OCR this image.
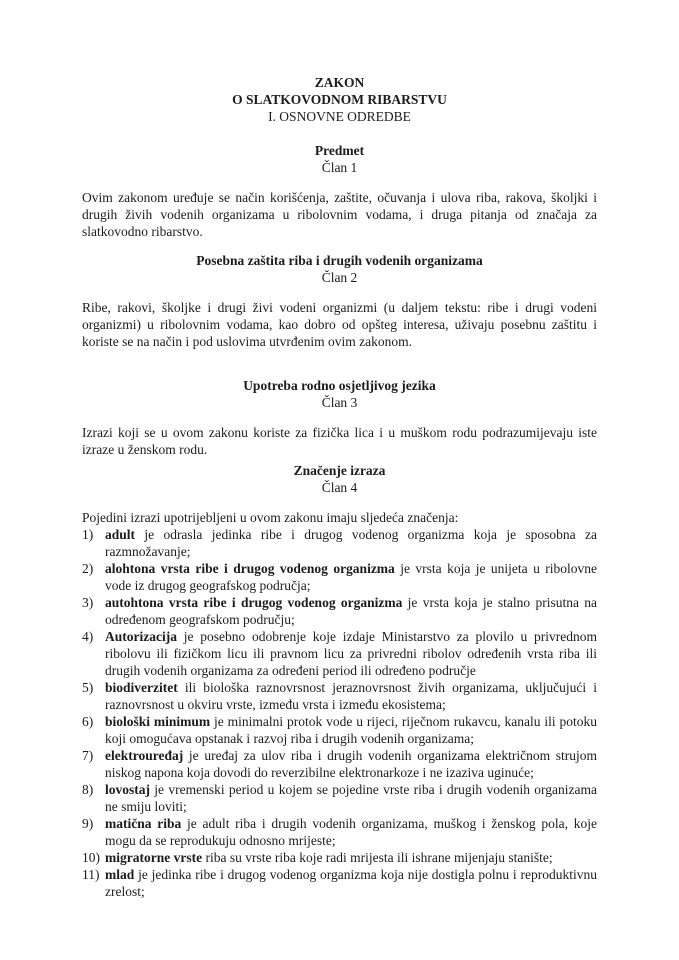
ZAKON
O SLATKOVODNOM RIBARSTVU
I. OSNOVNE ODREDBE
Predmet
Član 1

Ovim zakonom uređuje se način korišćenja, zaštite, očuvanja i ulova riba, rakova, školjki i drugih živih vodenih organizama u ribolovnim vodama, i druga pitanja od značaja za slatkovodno ribarstvo.

Posebna zaštita riba i drugih vodenih organizama
Član 2

Ribe, rakovi, školjke i drugi živi vodeni organizmi (u daljem tekstu: ribe i drugi vodeni organizmi) u ribolovnim vodama, kao dobro od opšteg interesa, uživaju posebnu zaštitu i koriste se na način i pod uslovima utvrđenim ovim zakonom.

Upotreba rodno osjetljivog jezika
Član 3

Izrazi koji se u ovom zakonu koriste za fizička lica i u muškom rodu podrazumijevaju iste izraze u ženskom rodu.

Značenje izraza
Član 4

Pojedini izrazi upotrijebljeni u ovom zakonu imaju sljedeća značenja:

1) adult je odrasla jedinka ribe i drugog vodenog organizma koja je sposobna za razmnožavanje;
2) alohtona vrsta ribe i drugog vodenog organizma je vrsta koja je unijeta u ribolovne vode iz drugog geografskog područja;
3) autohtona vrsta ribe i drugog vodenog organizma je vrsta koja je stalno prisutna na određenom geografskom području;
4) Autorizacija je posebno odobrenje koje izdaje Ministarstvo za plovilo u privrednom ribolovu ili fizičkom licu ili pravnom licu za privredni ribolov određenih vrsta riba ili drugih vodenih organizama za određeni period ili određeno područje
5) biodiverzitet ili biološka raznovrsnost jeraznovrsnost živih organizama, uključujući i raznovrsnost u okviru vrste, između vrsta i između ekosistema;
6) biološki minimum je minimalni protok vode u rijeci, riječnom rukavcu, kanalu ili potoku koji omogućava opstanak i razvoj riba i drugih vodenih organizama;
7) elektrouređaj je uređaj za ulov riba i drugih vodenih organizama električnom strujom niskog napona koja dovodi do reverzibilne elektronarkoze i ne izaziva uginuće;
8) lovostaj je vremenski period u kojem se pojedine vrste riba i drugih vodenih organizama ne smiju loviti;
9) matična riba je adult riba i drugih vodenih organizama, muškog i ženskog pola, koje mogu da se reprodukuju odnosno mrijeste;
10) migratorne vrste riba su vrste riba koje radi mrijesta ili ishrane mijenjaju stanište;
11) mlad je jedinka ribe i drugog vodenog organizma koja nije dostigla polnu i reproduktivnu zrelost;
